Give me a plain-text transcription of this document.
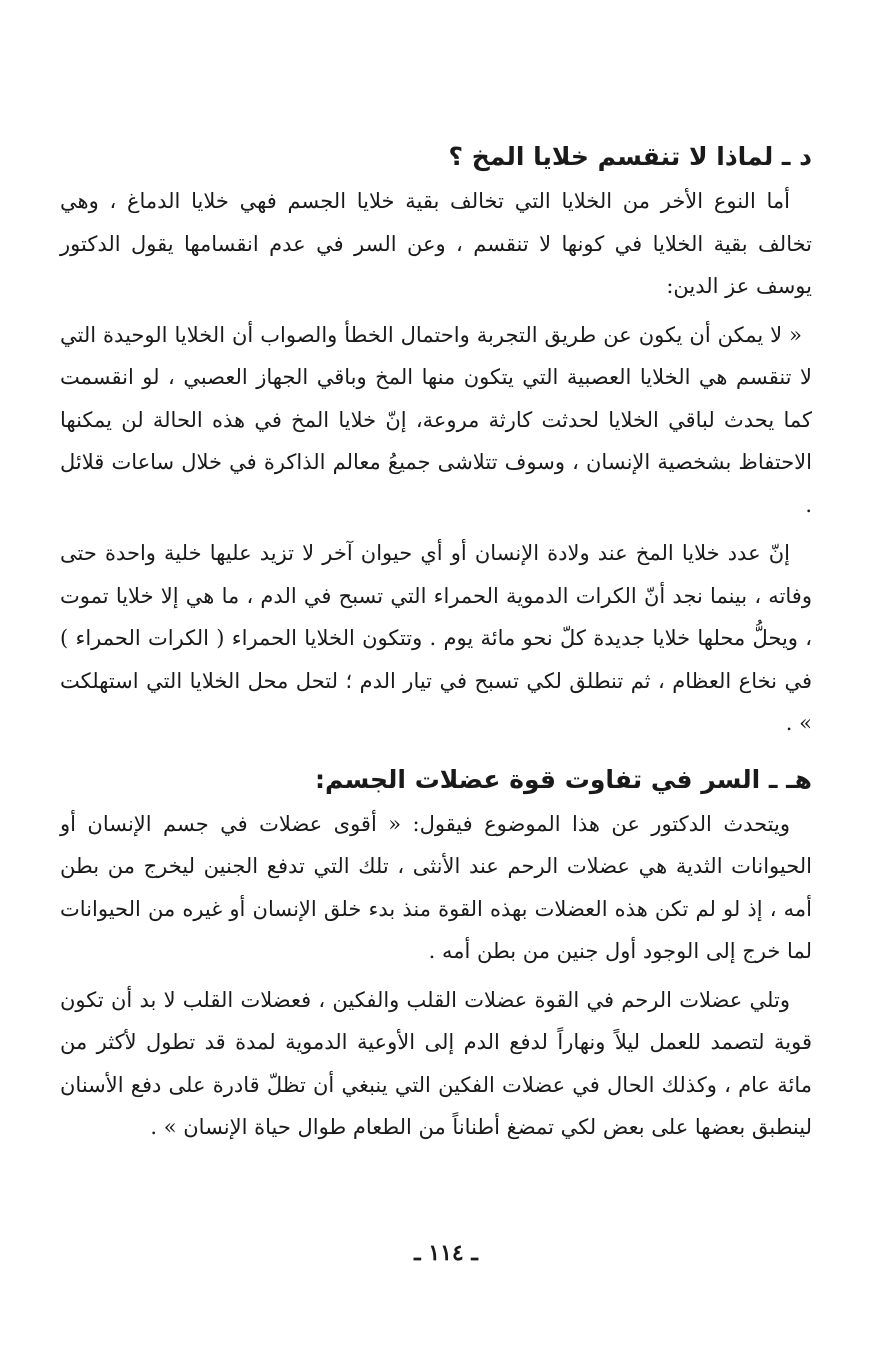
د ـ لماذا لا تنقسم خلايا المخ ؟

أما النوع الأخر من الخلايا التي تخالف بقية خلايا الجسم فهي خلايا الدماغ ، وهي تخالف بقية الخلايا في كونها لا تنقسم ، وعن السر في عدم انقسامها يقول الدكتور يوسف عز الدين:

« لا يمكن أن يكون عن طريق التجربة واحتمال الخطأ والصواب أن الخلايا الوحيدة التي لا تنقسم هي الخلايا العصبية التي يتكون منها المخ وباقي الجهاز العصبي ، لو انقسمت كما يحدث لباقي الخلايا لحدثت كارثة مروعة، إنّ خلايا المخ في هذه الحالة لن يمكنها الاحتفاظ بشخصية الإنسان ، وسوف تتلاشى جميعُ معالم الذاكرة في خلال ساعات قلائل .

إنّ عدد خلايا المخ عند ولادة الإنسان أو أي حيوان آخر لا تزيد عليها خلية واحدة حتى وفاته ، بينما نجد أنّ الكرات الدموية الحمراء التي تسبح في الدم ، ما هي إلا خلايا تموت ، ويحلُّ محلها خلايا جديدة كلّ نحو مائة يوم . وتتكون الخلايا الحمراء ( الكرات الحمراء ) في نخاع العظام ، ثم تنطلق لكي تسبح في تيار الدم ؛ لتحل محل الخلايا التي استهلكت » .

هـ ـ السر في تفاوت قوة عضلات الجسم:

ويتحدث الدكتور عن هذا الموضوع فيقول: « أقوى عضلات في جسم الإنسان أو الحيوانات الثدية هي عضلات الرحم عند الأنثى ، تلك التي تدفع الجنين ليخرج من بطن أمه ، إذ لو لم تكن هذه العضلات بهذه القوة منذ بدء خلق الإنسان أو غيره من الحيوانات لما خرج إلى الوجود أول جنين من بطن أمه .

وتلي عضلات الرحم في القوة عضلات القلب والفكين ، فعضلات القلب لا بد أن تكون قوية لتصمد للعمل ليلاً ونهاراً لدفع الدم إلى الأوعية الدموية لمدة قد تطول لأكثر من مائة عام ، وكذلك الحال في عضلات الفكين التي ينبغي أن تظلّ قادرة على دفع الأسنان لينطبق بعضها على بعض لكي تمضغ أطناناً من الطعام طوال حياة الإنسان » .

ـ ١١٤ ـ
